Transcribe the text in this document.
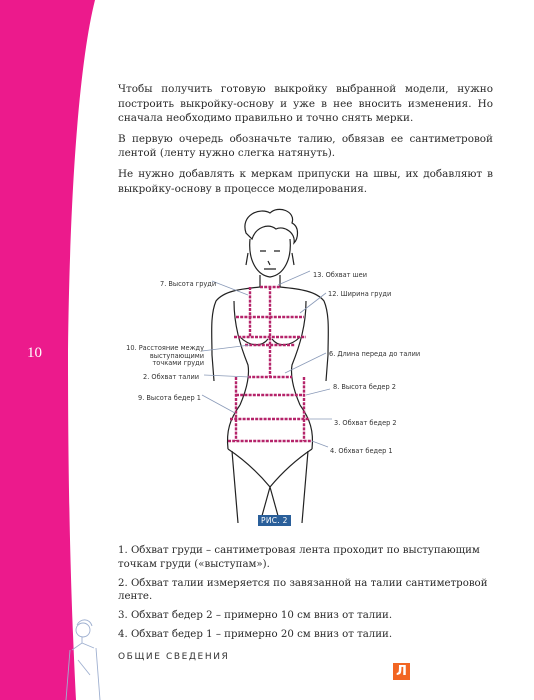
10

Чтобы получить готовую выкройку выбранной модели, нужно построить выкройку-основу и уже в нее вносить изменения. Но сначала необходимо правильно и точно снять мерки.

В первую очередь обозначьте талию, обвязав ее сантиметровой лентой (ленту нужно слегка натянуть).

Не нужно добавлять к меркам припуски на швы, их добавляют в выкройку-основу в процессе моделирования.

7. Высота груди
10. Расстояние между
выступающими
точками груди
2. Обхват талии
9. Высота бедер 1
13. Обхват шеи
12. Ширина груди
6. Длина переда до талии
8. Высота бедер 2
3. Обхват бедер 2
4. Обхват бедер 1
РИС. 2

1. Обхват груди – сантиметровая лента проходит по выступающим точкам груди («выступам»).

2. Обхват талии измеряется по завязанной на талии сантиметровой ленте.

3. Обхват бедер 2 – примерно 10 см вниз от талии.

4. Обхват бедер 1 – примерно 20 см вниз от талии.

ОБЩИЕ СВЕДЕНИЯ
Л
